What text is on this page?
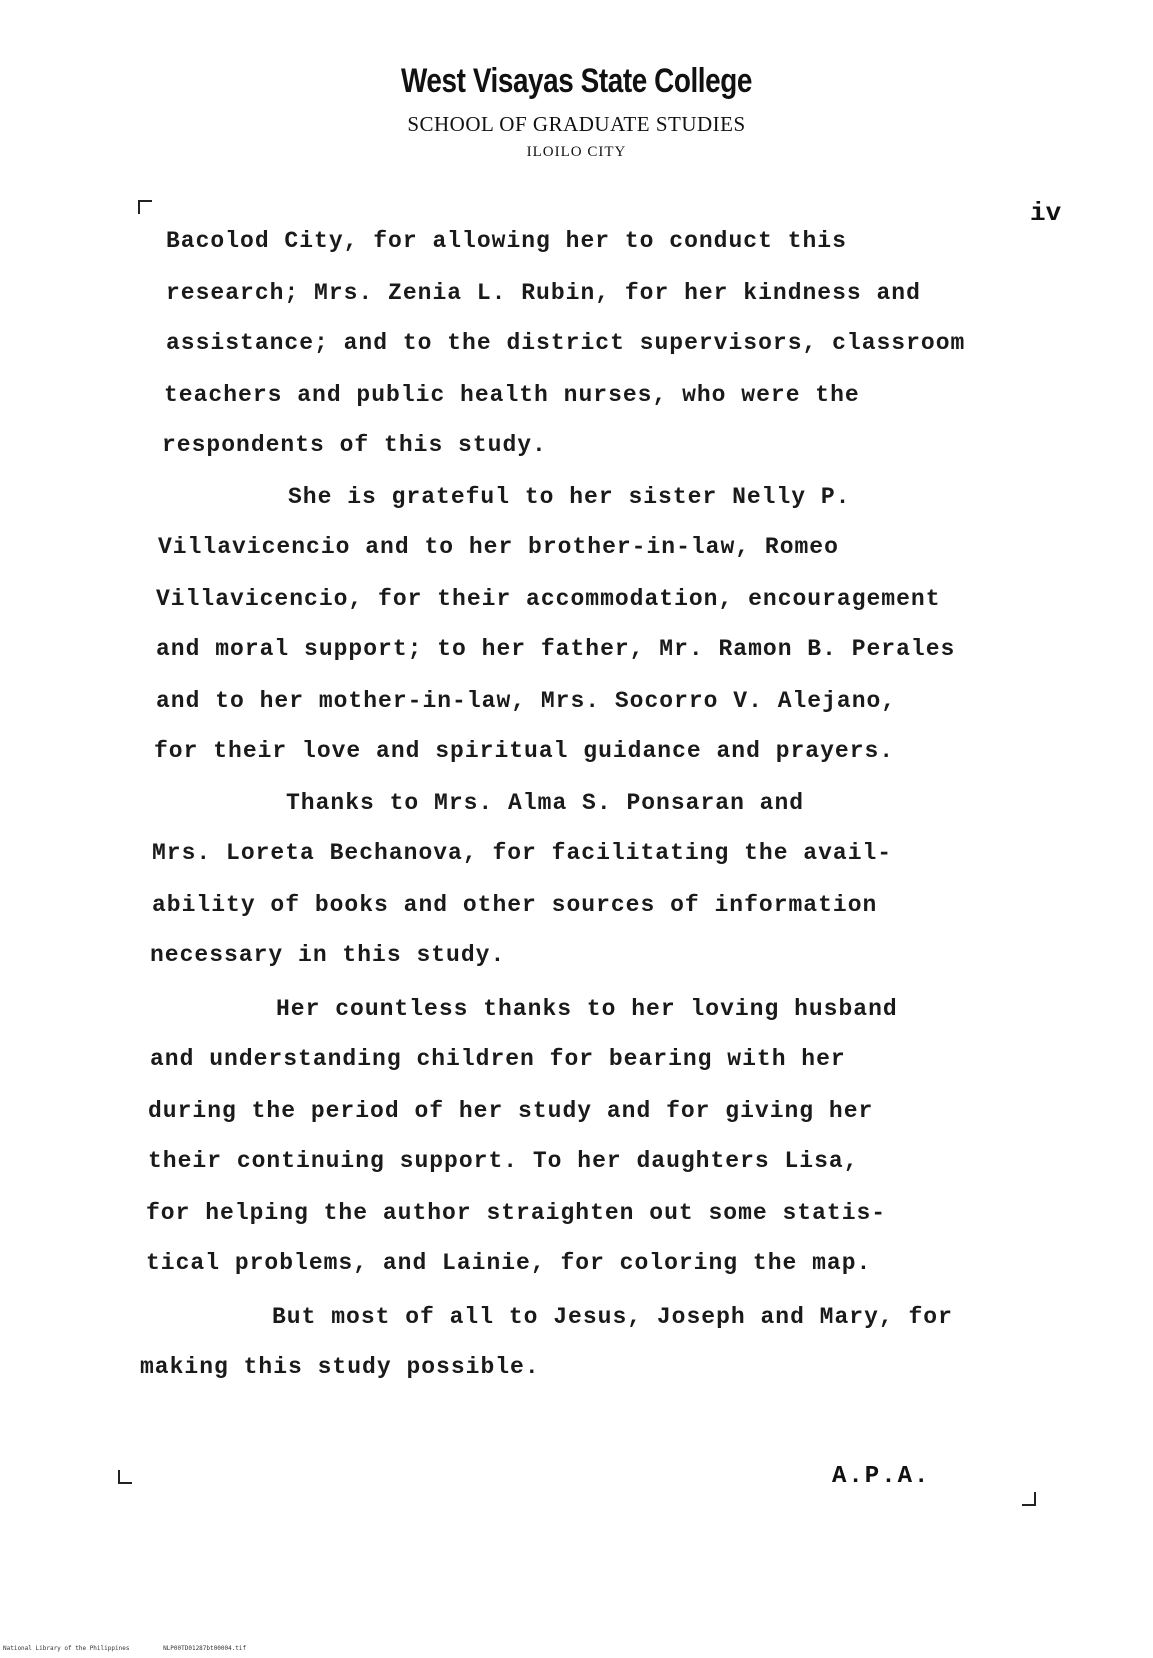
West Visayas State College
SCHOOL OF GRADUATE STUDIES
ILOILO CITY
iv
Bacolod City, for allowing her to conduct this
research; Mrs. Zenia L. Rubin, for her kindness and
assistance; and to the district supervisors, classroom
teachers and public health nurses, who were the
respondents of this study.
She is grateful to her sister Nelly P.
Villavicencio and to her brother-in-law, Romeo
Villavicencio, for their accommodation, encouragement
and moral support; to her father, Mr. Ramon B. Perales
and to her mother-in-law, Mrs. Socorro V. Alejano,
for their love and spiritual guidance and prayers.
Thanks to Mrs. Alma S. Ponsaran and
Mrs. Loreta Bechanova, for facilitating the avail-
ability of books and other sources of information
necessary in this study.
Her countless thanks to her loving husband
and understanding children for bearing with her
during the period of her study and for giving her
their continuing support. To her daughters Lisa,
for helping the author straighten out some statis-
tical problems, and Lainie, for coloring the map.
But most of all to Jesus, Joseph and Mary, for
making this study possible.
A.P.A.
National Library of the Philippines	NLP00TD01287bt00004.tif
